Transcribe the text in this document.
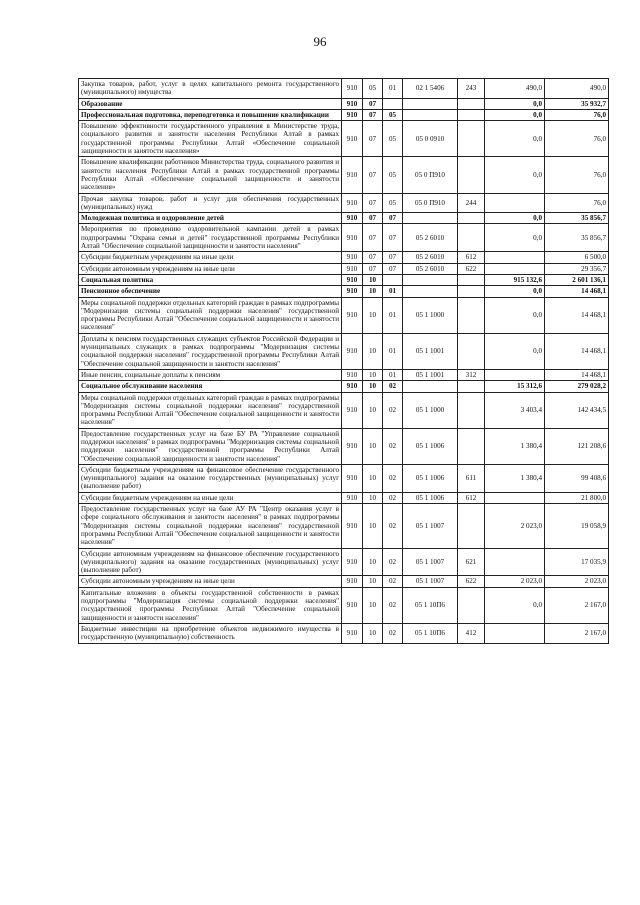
96
Закупка товаров, работ, услуг в целях капитального ремонта государственного (муниципального) имущества	910	05	01	02 1 5406	243	490,0	490,0
Образование	910	07				0,0	35 932,7
Профессиональная подготовка, переподготовка и повышение квалификации	910	07	05			0,0	76,0
Повышение эффективности государственного управления в Министерстве труда, социального развития и занятости населения Республики Алтай в рамках государственной программы Республики Алтай «Обеспечение социальной защищенности и занятости населения»	910	07	05	05 0 0910		0,0	76,0
Повышение квалификации работников Министерства труда, социального развития и занятости населения Республики Алтай в рамках государственной программы Республики Алтай «Обеспечение социальной защищенности и занятости населения»	910	07	05	05 0 П910		0,0	76,0
Прочая закупка товаров, работ и услуг для обеспечения государственных (муниципальных) нужд	910	07	05	05 0 П910	244		76,0
Молодежная политика и оздоровление детей	910	07	07			0,0	35 856,7
Мероприятия по проведению оздоровительной кампании детей в рамках подпрограммы "Охрана семьи и детей" государственной программы Республики Алтай "Обеспечение социальной защищенности и занятости населения"	910	07	07	05 2 6010		0,0	35 856,7
Субсидии бюджетным учреждениям на иные цели	910	07	07	05 2 6010	612		6 500,0
Субсидии автономным учреждениям на иные цели	910	07	07	05 2 6010	622		29 356,7
Социальная политика	910	10				915 132,6	2 601 136,1
Пенсионное обеспечение	910	10	01			0,0	14 468,1
Меры социальной поддержки отдельных категорий граждан в рамках подпрограммы "Модернизация системы социальной поддержки населения" государственной программы Республики Алтай "Обеспечение социальной защищенности и занятости населения"	910	10	01	05 1 1000		0,0	14 468,1
Доплаты к пенсиям государственных служащих субъектов Российской Федерации и муниципальных служащих в рамках подпрограммы "Модернизация системы социальной поддержки населения" государственной программы Республики Алтай "Обеспечение социальной защищенности и занятости населения"	910	10	01	05 1 1001		0,0	14 468,1
Иные пенсии, социальные доплаты к пенсиям	910	10	01	05 1 1001	312		14 468,1
Социальное обслуживание населения	910	10	02			15 312,6	279 028,2
Меры социальной поддержки отдельных категорий граждан в рамках подпрограммы "Модернизация системы социальной поддержки населения" государственной программы Республики Алтай "Обеспечение социальной защищенности и занятости населения"	910	10	02	05 1 1000		3 403,4	142 434,5
Предоставление государственных услуг на базе БУ РА "Управление социальной поддержки населения" в рамках подпрограммы "Модернизация системы социальной поддержки населения" государственной программы Республики Алтай "Обеспечение социальной защищенности и занятости населения"	910	10	02	05 1 1006		1 380,4	121 208,6
Субсидии бюджетным учреждениям на финансовое обеспечение государственного (муниципального) задания на оказание государственных (муниципальных) услуг (выполнение работ)	910	10	02	05 1 1006	611	1 380,4	99 408,6
Субсидии бюджетным учреждениям на иные цели	910	10	02	05 1 1006	612		21 800,0
Предоставление государственных услуг на базе АУ РА "Центр оказания услуг в сфере социального обслуживания и занятости населения" в рамках подпрограммы "Модернизация системы социальной поддержки населения" государственной программы Республики Алтай "Обеспечение социальной защищенности и занятости населения"	910	10	02	05 1 1007		2 023,0	19 058,9
Субсидии автономным учреждениям на финансовое обеспечение государственного (муниципального) задания на оказание государственных (муниципальных) услуг (выполнение работ)	910	10	02	05 1 1007	621		17 035,9
Субсидии автономным учреждениям на иные цели	910	10	02	05 1 1007	622	2 023,0	2 023,0
Капитальные вложения в объекты государственной собственности в рамках подпрограммы "Модернизация системы социальной поддержки населения" государственной программы Республики Алтай "Обеспечение социальной защищенности и занятости населения"	910	10	02	05 1 10П6		0,0	2 167,0
Бюджетные инвестиции на приобретение объектов недвижимого имущества в государственную (муниципальную) собственность	910	10	02	05 1 10П6	412		2 167,0
